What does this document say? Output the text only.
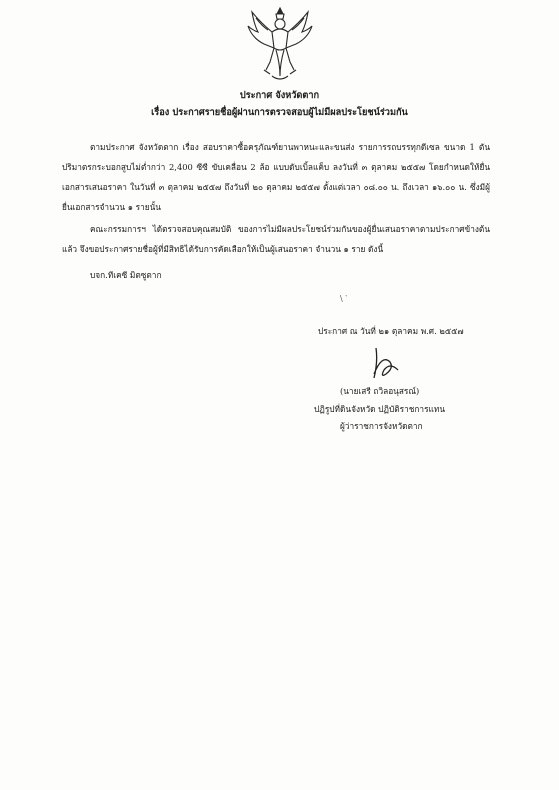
ประกาศ จังหวัดตาก
เรื่อง ประกาศรายชื่อผู้ผ่านการตรวจสอบผู้ไม่มีผลประโยชน์ร่วมกัน
ตามประกาศ จังหวัดตาก เรื่อง สอบราคาซื้อครุภัณฑ์ยานพาหนะและขนส่ง รายการรถบรรทุกดีเซล ขนาด 1 ตัน ปริมาตรกระบอกสูบไม่ต่ำกว่า 2,400 ซีซี ขับเคลื่อน 2 ล้อ แบบดับเบิ้ลแค็บ ลงวันที่ ๓ ตุลาคม ๒๕๕๗ โดยกำหนดให้ยื่นเอกสารเสนอราคา ในวันที่ ๓ ตุลาคม ๒๕๕๗ ถึงวันที่ ๒๐ ตุลาคม ๒๕๕๗ ตั้งแต่เวลา ๐๘.๐๐ น. ถึงเวลา ๑๖.๐๐ น. ซึ่งมีผู้ยื่นเอกสารจำนวน ๑ รายนั้น
คณะกรรมการฯ ได้ตรวจสอบคุณสมบัติ ของการไม่มีผลประโยชน์ร่วมกันของผู้ยื่นเสนอราคาตามประกาศข้างต้นแล้ว จึงขอประกาศรายชื่อผู้ที่มีสิทธิได้รับการคัดเลือกให้เป็นผู้เสนอราคา จำนวน ๑ ราย ดังนี้
บจก.ทีเคซี มิตซูตาก
\ ‵
ประกาศ ณ วันที่ ๒๑ ตุลาคม พ.ศ. ๒๕๕๗
(นายเสรี ถวิลอนุสรณ์)
ปฏิรูปที่ดินจังหวัด ปฏิบัติราชการแทน
ผู้ว่าราชการจังหวัดตาก
